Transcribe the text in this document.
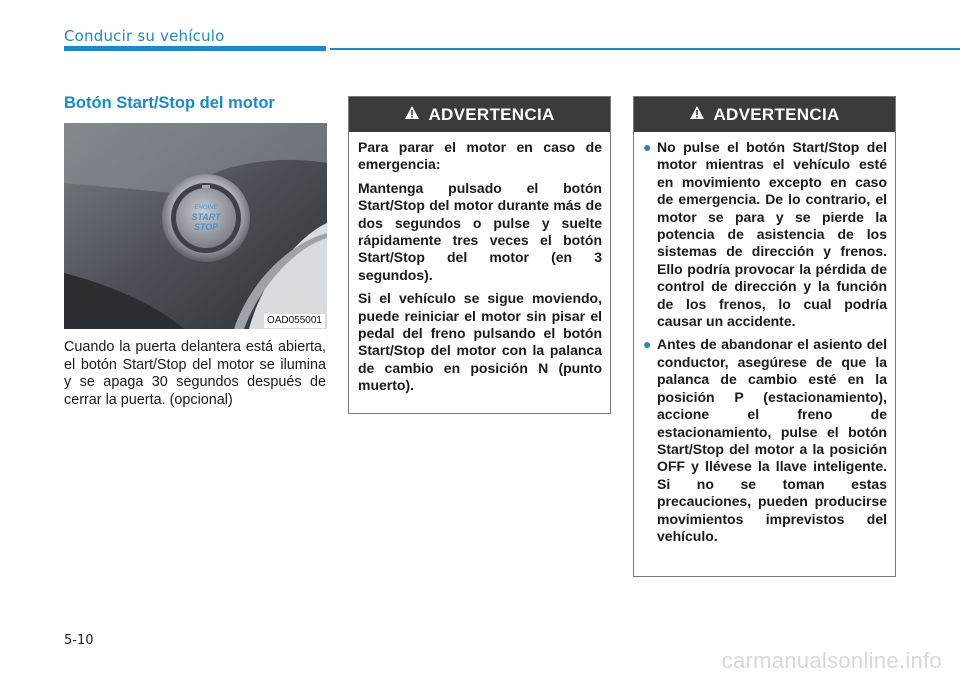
Conducir su vehículo
Botón Start/Stop del motor
ENGINE
START
STOP
OAD055001
Cuando la puerta delantera está abierta, el botón Start/Stop del motor se ilumina y se apaga 30 segundos después de cerrar la puerta. (opcional)
ADVERTENCIA

Para parar el motor en caso de emergencia:

Mantenga pulsado el botón Start/Stop del motor durante más de dos segundos o pulse y suelte rápidamente tres veces el botón Start/Stop del motor (en 3 segundos).

Si el vehículo se sigue moviendo, puede reiniciar el motor sin pisar el pedal del freno pulsando el botón Start/Stop del motor con la palanca de cambio en posición N (punto muerto).

ADVERTENCIA
● No pulse el botón Start/Stop del motor mientras el vehículo esté en movimiento excepto en caso de emergencia. De lo contrario, el motor se para y se pierde la potencia de asistencia de los sistemas de dirección y frenos. Ello podría provocar la pérdida de control de dirección y la función de los frenos, lo cual podría causar un accidente.
● Antes de abandonar el asiento del conductor, asegúrese de que la palanca de cambio esté en la posición P (estacionamiento), accione el freno de estacionamiento, pulse el botón Start/Stop del motor a la posición OFF y llévese la llave inteligente. Si no se toman estas precauciones, pueden producirse movimientos imprevistos del vehículo.
5-10
carmanualsonline.info
